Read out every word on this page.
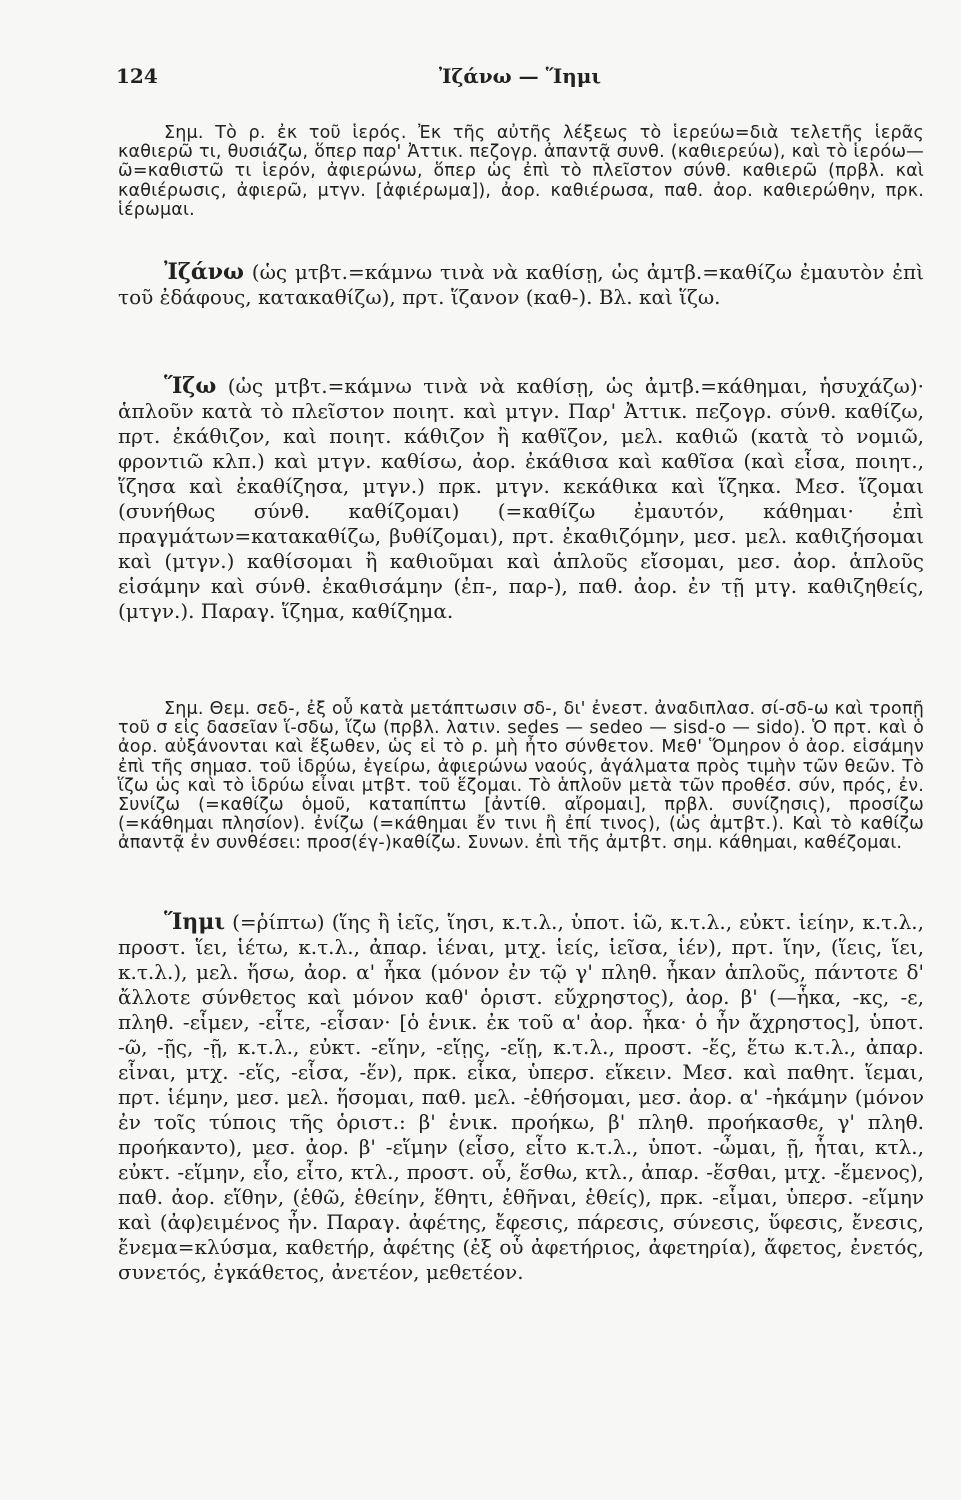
124	Ἰζάνω — Ἵημι

Σημ. Τὸ ρ. ἐκ τοῦ ἱερός. Ἐκ τῆς αὐτῆς λέξεως τὸ ἱερεύω=διὰ τελετῆς ἱερᾶς καθιερῶ τι, θυσιάζω, ὅπερ παρ' Ἀττικ. πεζογρ. ἀπαντᾷ συνθ. (καθιερεύω), καὶ τὸ ἱερόω—ῶ=καθιστῶ τι ἱερόν, ἀφιερώνω, ὅπερ ὡς ἐπὶ τὸ πλεῖστον σύνθ. καθιερῶ (πρβλ. καὶ καθιέρωσις, ἀφιερῶ, μτγν. [ἀφιέρωμα]), ἀορ. καθιέρωσα, παθ. ἀορ. καθιερώθην, πρκ. ἱέρωμαι.

Ἰζάνω (ὡς μτβτ.=κάμνω τινὰ νὰ καθίσῃ, ὡς ἀμτβ.=καθίζω ἐμαυτὸν ἐπὶ τοῦ ἐδάφους, κατακαθίζω), πρτ. ἵζανον (καθ-). Βλ. καὶ ἵζω.

Ἵζω (ὡς μτβτ.=κάμνω τινὰ νὰ καθίσῃ, ὡς ἀμτβ.=κάθημαι, ἡσυχάζω)· ἁπλοῦν κατὰ τὸ πλεῖστον ποιητ. καὶ μτγν. Παρ' Ἀττικ. πεζογρ. σύνθ. καθίζω, πρτ. ἐκάθιζον, καὶ ποιητ. κάθιζον ἢ καθῖζον, μελ. καθιῶ (κατὰ τὸ νομιῶ, φροντιῶ κλπ.) καὶ μτγν. καθίσω, ἀορ. ἐκάθισα καὶ καθῖσα (καὶ εἷσα, ποιητ., ἵζησα καὶ ἐκαθίζησα, μτγν.) πρκ. μτγν. κεκάθικα καὶ ἵζηκα. Μεσ. ἵζομαι (συνήθως σύνθ. καθίζομαι) (=καθίζω ἐμαυτόν, κάθημαι· ἐπὶ πραγμάτων=κατακαθίζω, βυθίζομαι), πρτ. ἐκαθιζόμην, μεσ. μελ. καθιζήσομαι καὶ (μτγν.) καθίσομαι ἢ καθιοῦμαι καὶ ἁπλοῦς εἴσομαι, μεσ. ἀορ. ἁπλοῦς εἱσάμην καὶ σύνθ. ἐκαθισάμην (ἐπ-, παρ-), παθ. ἀορ. ἐν τῇ μτγ. καθιζηθείς, (μτγν.). Παραγ. ἵζημα, καθίζημα.

Σημ. Θεμ. σεδ-, ἐξ οὗ κατὰ μετάπτωσιν σδ-, δι' ἐνεστ. ἀναδιπλασ. σί-σδ-ω καὶ τροπῇ τοῦ σ εἰς δασεῖαν ἵ-σδω, ἵζω (πρβλ. λατιν. sedes — sedeo — sisd-o — sido). Ὁ πρτ. καὶ ὁ ἀορ. αὐξάνονται καὶ ἔξωθεν, ὡς εἰ τὸ ρ. μὴ ἦτο σύνθετον. Μεθ' Ὅμηρον ὁ ἀορ. εἱσάμην ἐπὶ τῆς σημασ. τοῦ ἱδρύω, ἐγείρω, ἀφιερώνω ναούς, ἀγάλματα πρὸς τιμὴν τῶν θεῶν. Τὸ ἵζω ὡς καὶ τὸ ἱδρύω εἶναι μτβτ. τοῦ ἕζομαι. Τὸ ἁπλοῦν μετὰ τῶν προθέσ. σύν, πρός, ἐν. Συνίζω (=καθίζω ὁμοῦ, καταπίπτω [ἀντίθ. αἴρομαι], πρβλ. συνίζησις), προσίζω (=κάθημαι πλησίον). ἐνίζω (=κάθημαι ἔν τινι ἢ ἐπί τινος), (ὡς ἀμτβτ.). Καὶ τὸ καθίζω ἀπαντᾷ ἐν συνθέσει: προσ(έγ-)καθίζω. Συνων. ἐπὶ τῆς ἀμτβτ. σημ. κάθημαι, καθέζομαι.

Ἵημι (=ῥίπτω) (ἵης ἢ ἱεῖς, ἵησι, κ.τ.λ., ὑποτ. ἱῶ, κ.τ.λ., εὐκτ. ἱείην, κ.τ.λ., προστ. ἵει, ἱέτω, κ.τ.λ., ἀπαρ. ἱέναι, μτχ. ἱείς, ἱεῖσα, ἱέν), πρτ. ἵην, (ἵεις, ἵει, κ.τ.λ.), μελ. ἥσω, ἀορ. α' ἧκα (μόνον ἐν τῷ γ' πληθ. ἧκαν ἁπλοῦς, πάντοτε δ' ἄλλοτε σύνθετος καὶ μόνον καθ' ὁριστ. εὔχρηστος), ἀορ. β' (—ἧκα, -κς, -ε, πληθ. -εἷμεν, -εἷτε, -εἷσαν· [ὁ ἑνικ. ἐκ τοῦ α' ἀορ. ἧκα· ὁ ἦν ἄχρηστος], ὑποτ. -ῶ, -ῇς, -ῇ, κ.τ.λ., εὐκτ. -εἵην, -εἵῃς, -εἵῃ, κ.τ.λ., προστ. -ἕς, ἕτω κ.τ.λ., ἀπαρ. εἷναι, μτχ. -εἵς, -εἷσα, -ἕν), πρκ. εἷκα, ὑπερσ. εἵκειν. Μεσ. καὶ παθητ. ἵεμαι, πρτ. ἱέμην, μεσ. μελ. ἥσομαι, παθ. μελ. -ἑθήσομαι, μεσ. ἀορ. α' -ἡκάμην (μόνον ἐν τοῖς τύποις τῆς ὁριστ.: β' ἑνικ. προήκω, β' πληθ. προήκασθε, γ' πληθ. προήκαντο), μεσ. ἀορ. β' -εἵμην (εἷσο, εἷτο κ.τ.λ., ὑποτ. -ὦμαι, ῇ, ἧται, κτλ., εὐκτ. -εἵμην, εἷο, εἷτο, κτλ., προστ. οὗ, ἕσθω, κτλ., ἀπαρ. -ἕσθαι, μτχ. -ἕμενος), παθ. ἀορ. εἵθην, (ἑθῶ, ἑθείην, ἕθητι, ἑθῆναι, ἑθείς), πρκ. -εἷμαι, ὑπερσ. -εἵμην καὶ (ἀφ)ειμένος ἦν. Παραγ. ἀφέτης, ἔφεσις, πάρεσις, σύνεσις, ὕφεσις, ἔνεσις, ἔνεμα=κλύσμα, καθετήρ, ἀφέτης (ἐξ οὗ ἀφετήριος, ἀφετηρία), ἄφετος, ἐνετός, συνετός, ἐγκάθετος, ἀνετέον, μεθετέον.
